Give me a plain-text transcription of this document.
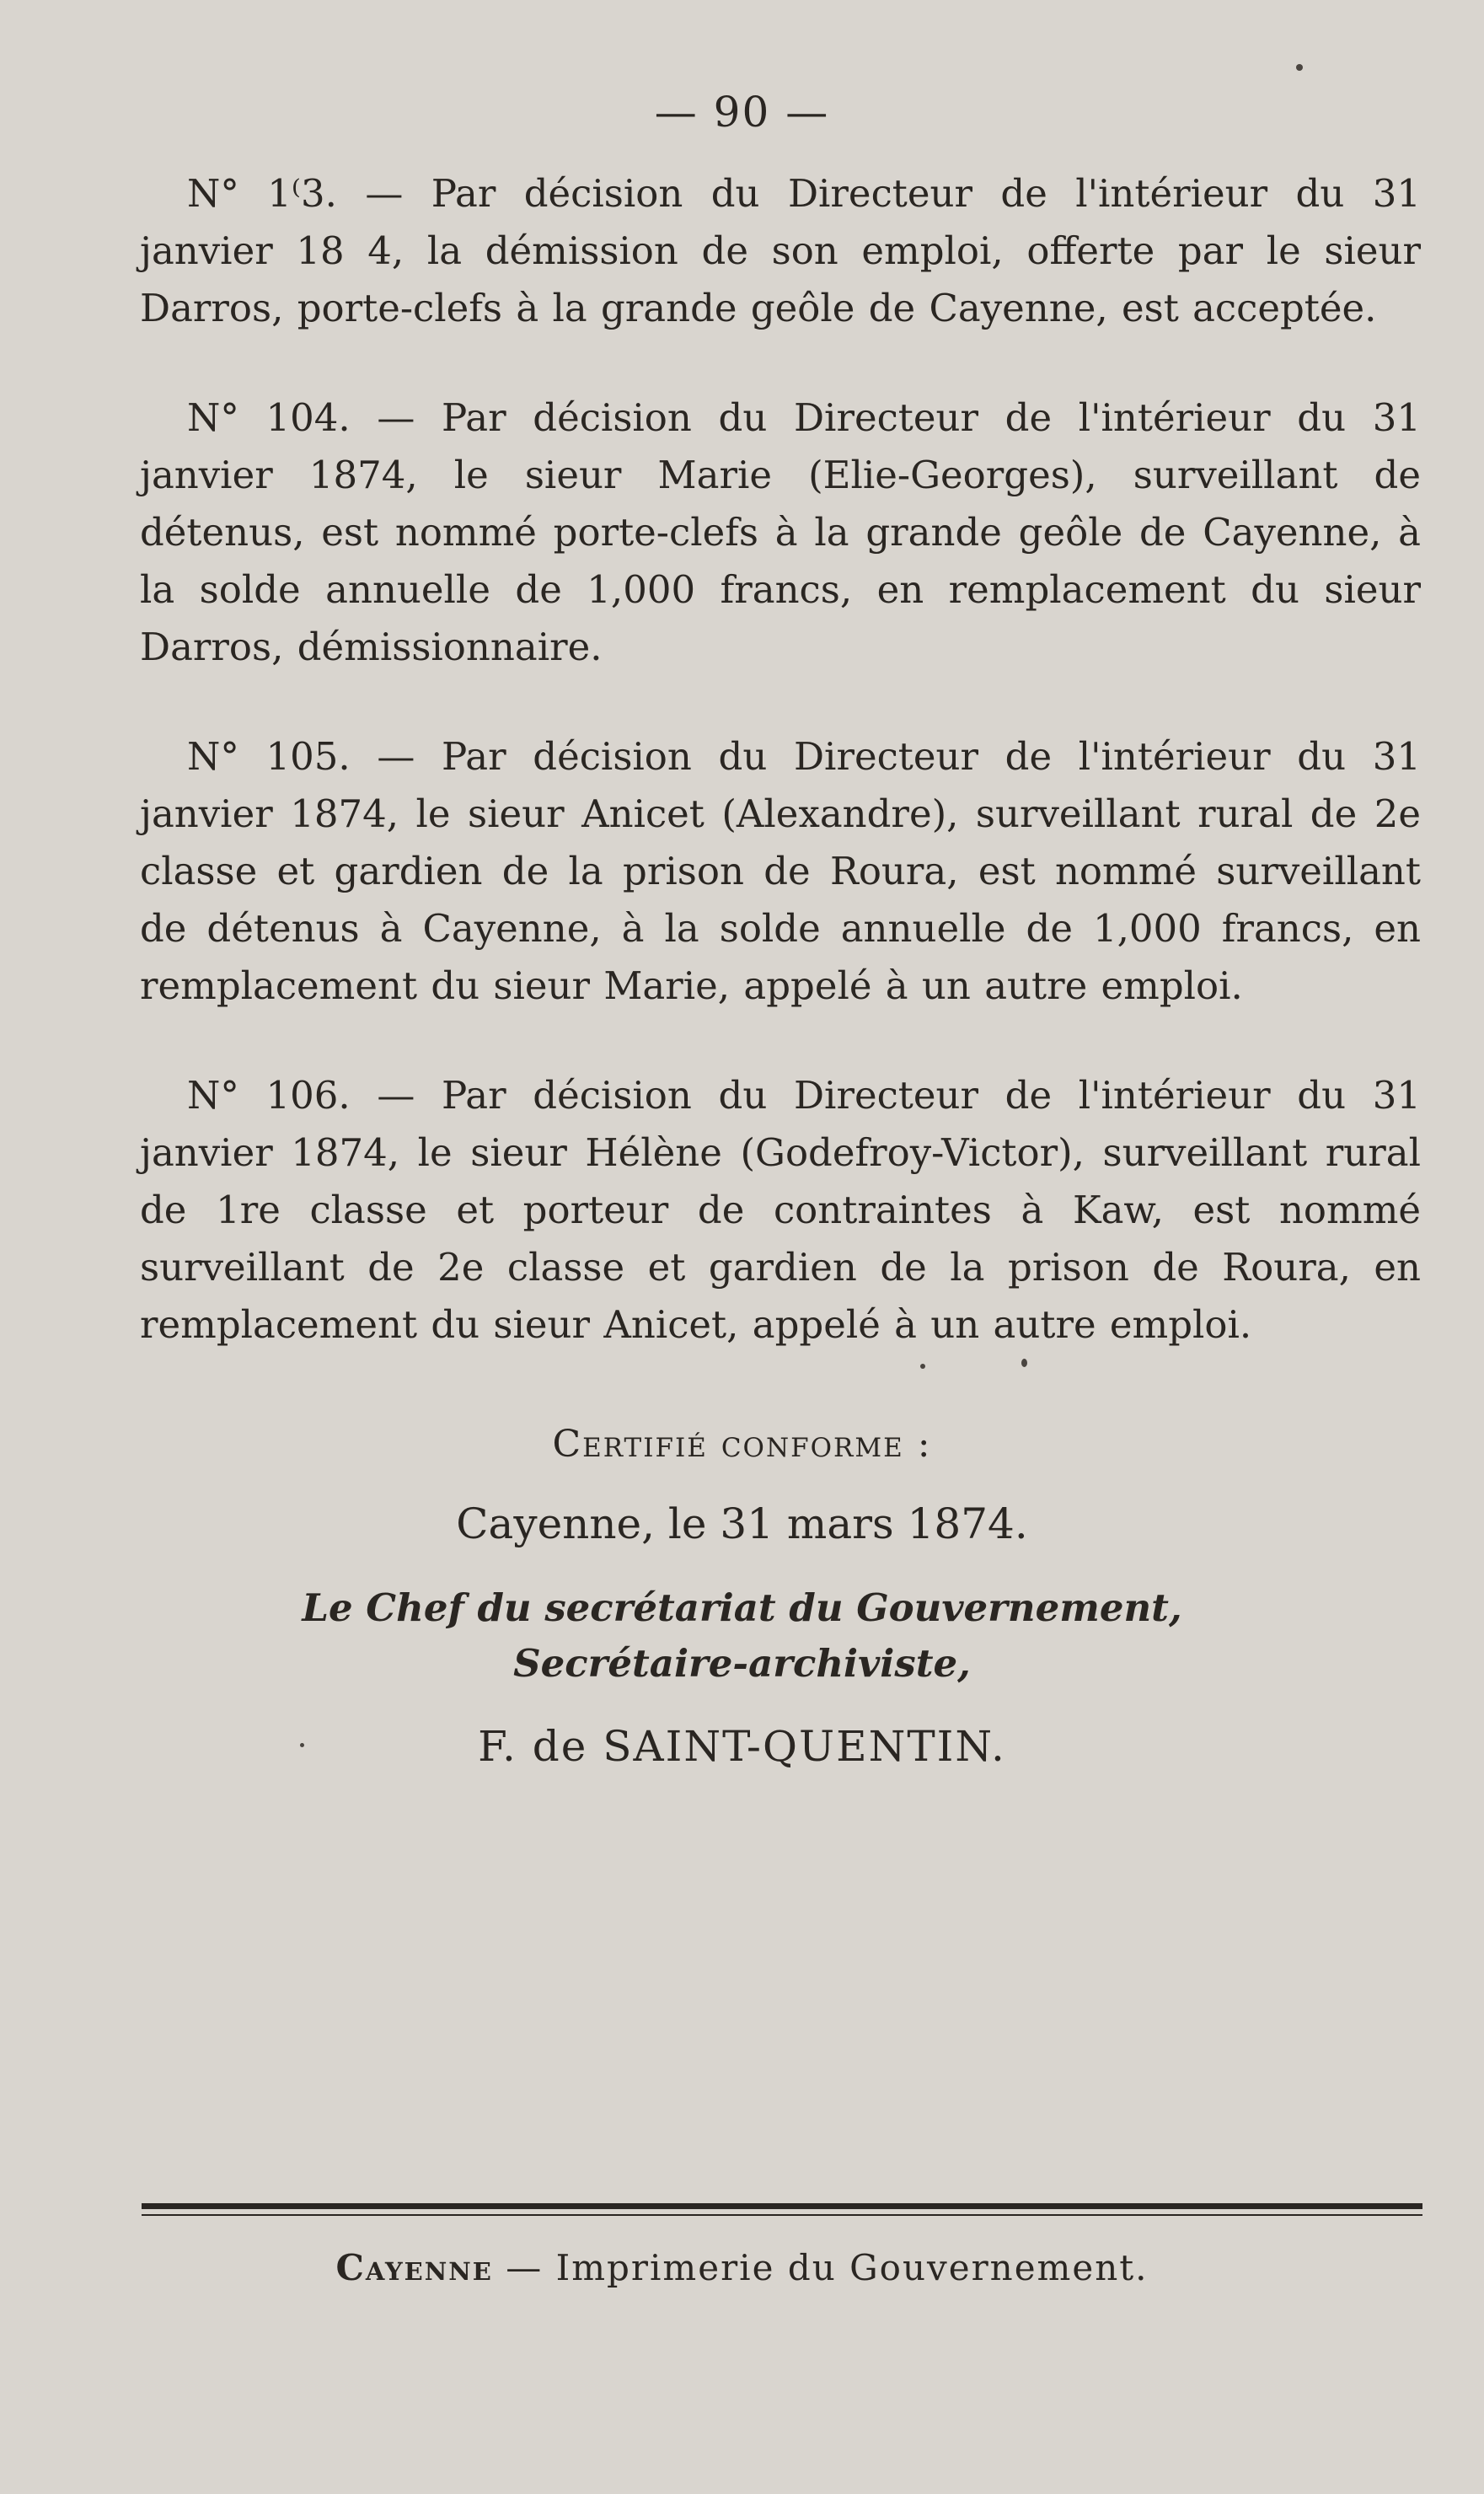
— 90 —

N° 1⁽3. — Par décision du Directeur de l'intérieur du 31 janvier 18 4, la démission de son emploi, offerte par le sieur Darros, porte-clefs à la grande geôle de Cayenne, est acceptée.

N° 104. — Par décision du Directeur de l'intérieur du 31 janvier 1874, le sieur Marie (Elie-Georges), surveillant de détenus, est nommé porte-clefs à la grande geôle de Cayenne, à la solde annuelle de 1,000 francs, en remplacement du sieur Darros, démissionnaire.

N° 105. — Par décision du Directeur de l'intérieur du 31 janvier 1874, le sieur Anicet (Alexandre), surveillant rural de 2e classe et gardien de la prison de Roura, est nommé surveillant de détenus à Cayenne, à la solde annuelle de 1,000 francs, en remplacement du sieur Marie, appelé à un autre emploi.

N° 106. — Par décision du Directeur de l'intérieur du 31 janvier 1874, le sieur Hélène (Godefroy-Victor), surveillant rural de 1re classe et porteur de contraintes à Kaw, est nommé surveillant de 2e classe et gardien de la prison de Roura, en remplacement du sieur Anicet, appelé à un autre emploi.

Certifié conforme :

Cayenne, le 31 mars 1874.

Le Chef du secrétariat du Gouvernement,

Secrétaire-archiviste,

F. de SAINT-QUENTIN.

Cayenne — Imprimerie du Gouvernement.
